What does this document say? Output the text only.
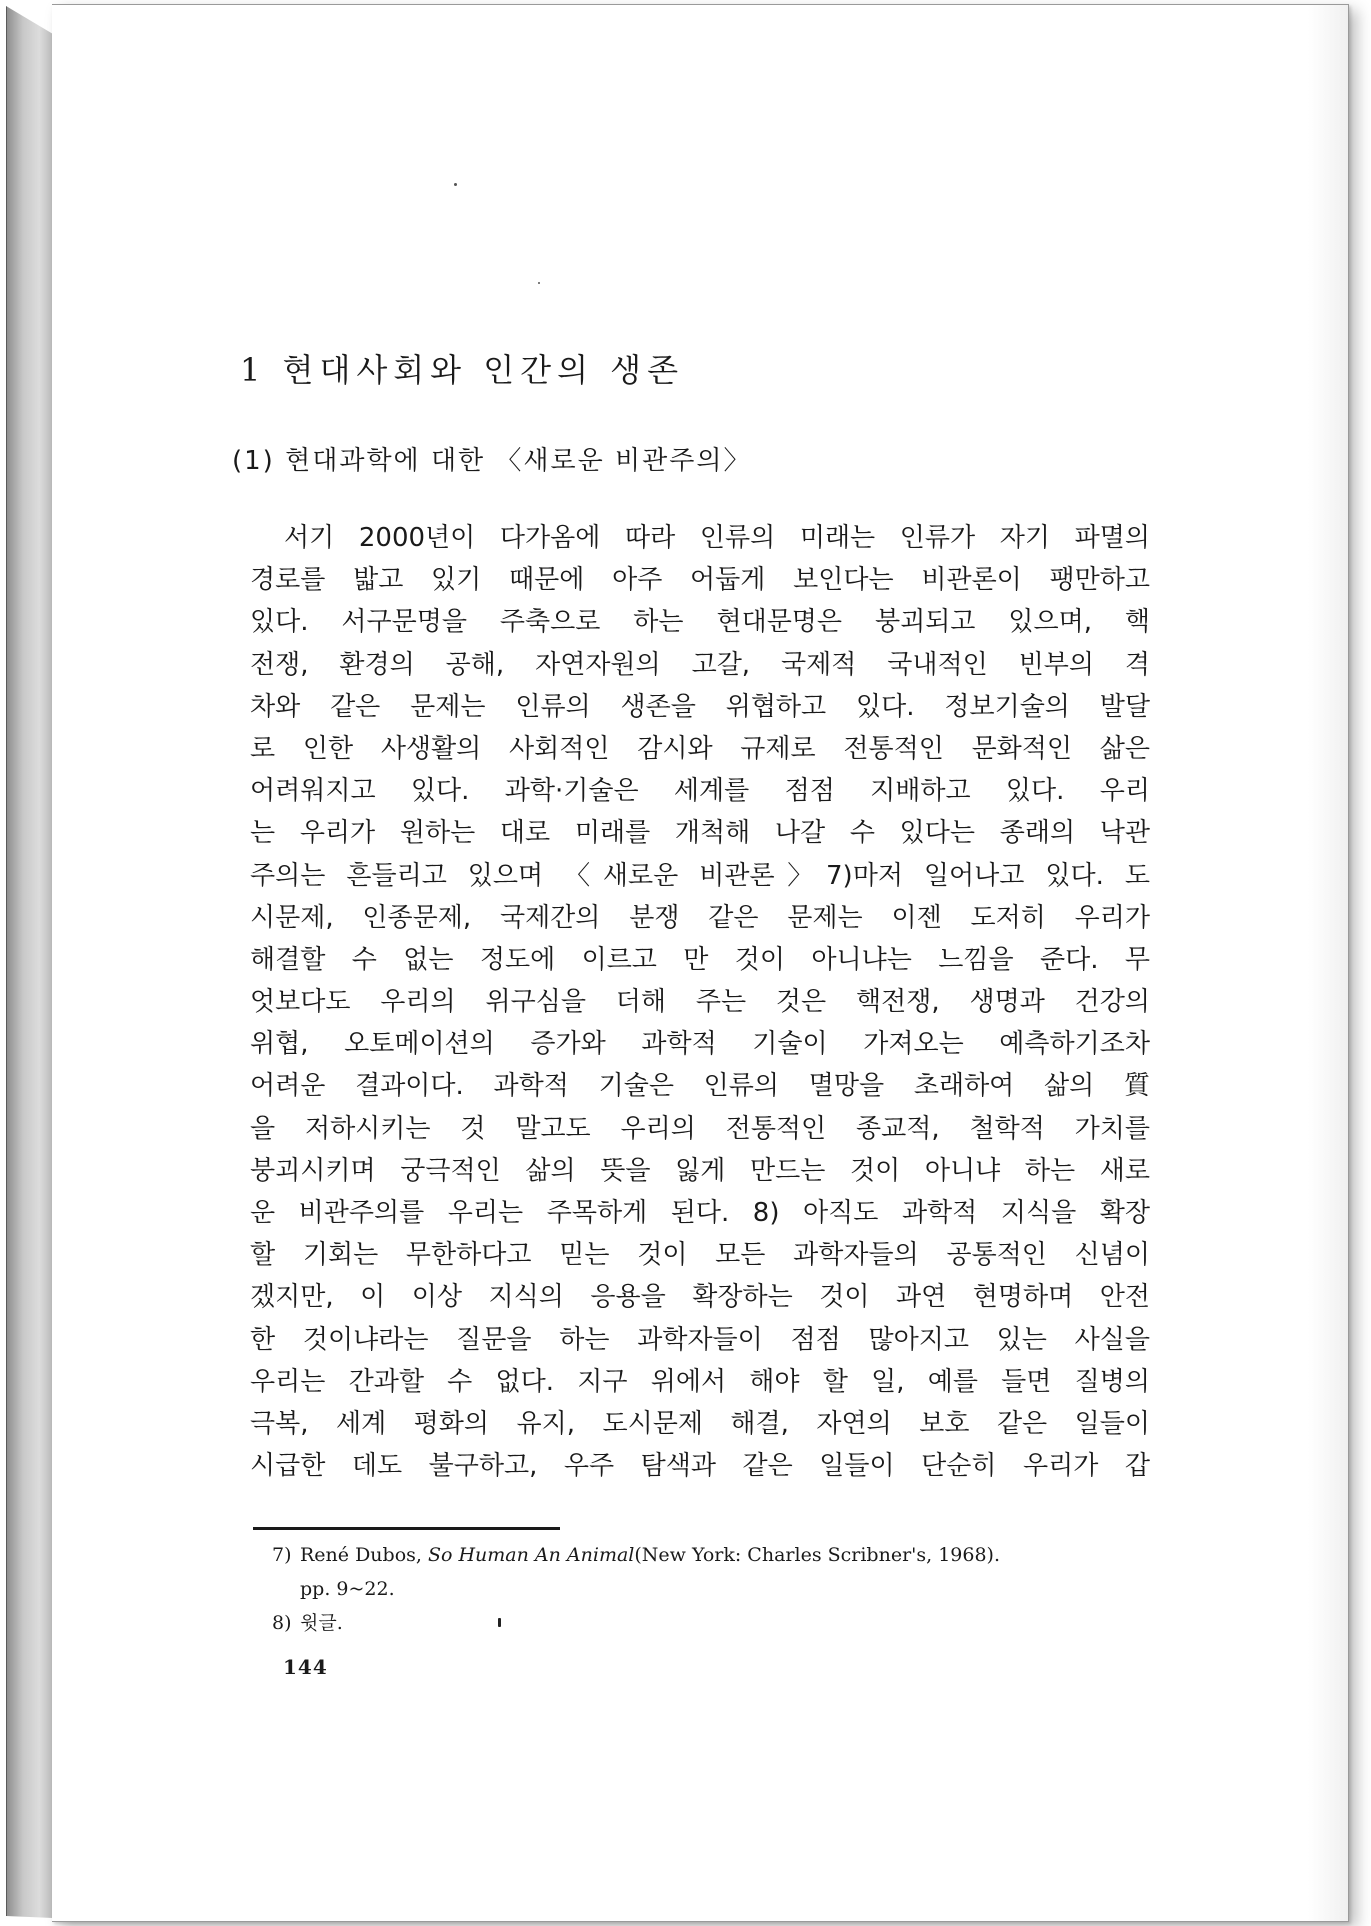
1 현대사회와 인간의 생존
(1) 현대과학에 대한 〈새로운 비관주의〉
서기 2000년이 다가옴에 따라 인류의 미래는 인류가 자기 파멸의
경로를 밟고 있기 때문에 아주 어둡게 보인다는 비관론이 팽만하고
있다. 서구문명을 주축으로 하는 현대문명은 붕괴되고 있으며, 핵
전쟁, 환경의 공해, 자연자원의 고갈, 국제적 국내적인 빈부의 격
차와 같은 문제는 인류의 생존을 위협하고 있다. 정보기술의 발달
로 인한 사생활의 사회적인 감시와 규제로 전통적인 문화적인 삶은
어려워지고 있다. 과학·기술은 세계를 점점 지배하고 있다. 우리
는 우리가 원하는 대로 미래를 개척해 나갈 수 있다는 종래의 낙관
주의는 흔들리고 있으며 〈새로운 비관론〉7)마저 일어나고 있다. 도
시문제, 인종문제, 국제간의 분쟁 같은 문제는 이젠 도저히 우리가
해결할 수 없는 정도에 이르고 만 것이 아니냐는 느낌을 준다. 무
엇보다도 우리의 위구심을 더해 주는 것은 핵전쟁, 생명과 건강의
위협, 오토메이션의 증가와 과학적 기술이 가져오는 예측하기조차
어려운 결과이다. 과학적 기술은 인류의 멸망을 초래하여 삶의 質
을 저하시키는 것 말고도 우리의 전통적인 종교적, 철학적 가치를
붕괴시키며 궁극적인 삶의 뜻을 잃게 만드는 것이 아니냐 하는 새로
운 비관주의를 우리는 주목하게 된다. 8) 아직도 과학적 지식을 확장
할 기회는 무한하다고 믿는 것이 모든 과학자들의 공통적인 신념이
겠지만, 이 이상 지식의 응용을 확장하는 것이 과연 현명하며 안전
한 것이냐라는 질문을 하는 과학자들이 점점 많아지고 있는 사실을
우리는 간과할 수 없다. 지구 위에서 해야 할 일, 예를 들면 질병의
극복, 세계 평화의 유지, 도시문제 해결, 자연의 보호 같은 일들이
시급한 데도 불구하고, 우주 탐색과 같은 일들이 단순히 우리가 갑
7) René Dubos, So Human An Animal(New York: Charles Scribner's, 1968).
pp. 9~22.
8) 윗글.
144
